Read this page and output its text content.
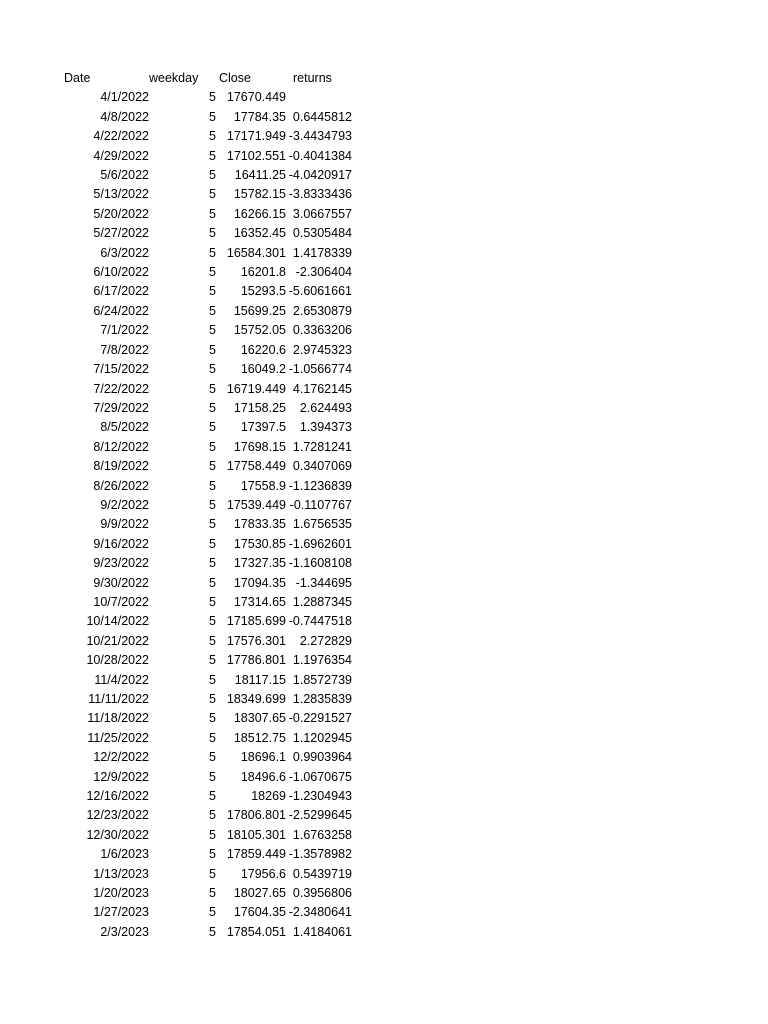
Date	weekday	Close	returns
4/1/2022	5	17670.449	
4/8/2022	5	17784.35	0.6445812
4/22/2022	5	17171.949	-3.4434793
4/29/2022	5	17102.551	-0.4041384
5/6/2022	5	16411.25	-4.0420917
5/13/2022	5	15782.15	-3.8333436
5/20/2022	5	16266.15	3.0667557
5/27/2022	5	16352.45	0.5305484
6/3/2022	5	16584.301	1.4178339
6/10/2022	5	16201.8	-2.306404
6/17/2022	5	15293.5	-5.6061661
6/24/2022	5	15699.25	2.6530879
7/1/2022	5	15752.05	0.3363206
7/8/2022	5	16220.6	2.9745323
7/15/2022	5	16049.2	-1.0566774
7/22/2022	5	16719.449	4.1762145
7/29/2022	5	17158.25	2.624493
8/5/2022	5	17397.5	1.394373
8/12/2022	5	17698.15	1.7281241
8/19/2022	5	17758.449	0.3407069
8/26/2022	5	17558.9	-1.1236839
9/2/2022	5	17539.449	-0.1107767
9/9/2022	5	17833.35	1.6756535
9/16/2022	5	17530.85	-1.6962601
9/23/2022	5	17327.35	-1.1608108
9/30/2022	5	17094.35	-1.344695
10/7/2022	5	17314.65	1.2887345
10/14/2022	5	17185.699	-0.7447518
10/21/2022	5	17576.301	2.272829
10/28/2022	5	17786.801	1.1976354
11/4/2022	5	18117.15	1.8572739
11/11/2022	5	18349.699	1.2835839
11/18/2022	5	18307.65	-0.2291527
11/25/2022	5	18512.75	1.1202945
12/2/2022	5	18696.1	0.9903964
12/9/2022	5	18496.6	-1.0670675
12/16/2022	5	18269	-1.2304943
12/23/2022	5	17806.801	-2.5299645
12/30/2022	5	18105.301	1.6763258
1/6/2023	5	17859.449	-1.3578982
1/13/2023	5	17956.6	0.5439719
1/20/2023	5	18027.65	0.3956806
1/27/2023	5	17604.35	-2.3480641
2/3/2023	5	17854.051	1.4184061
